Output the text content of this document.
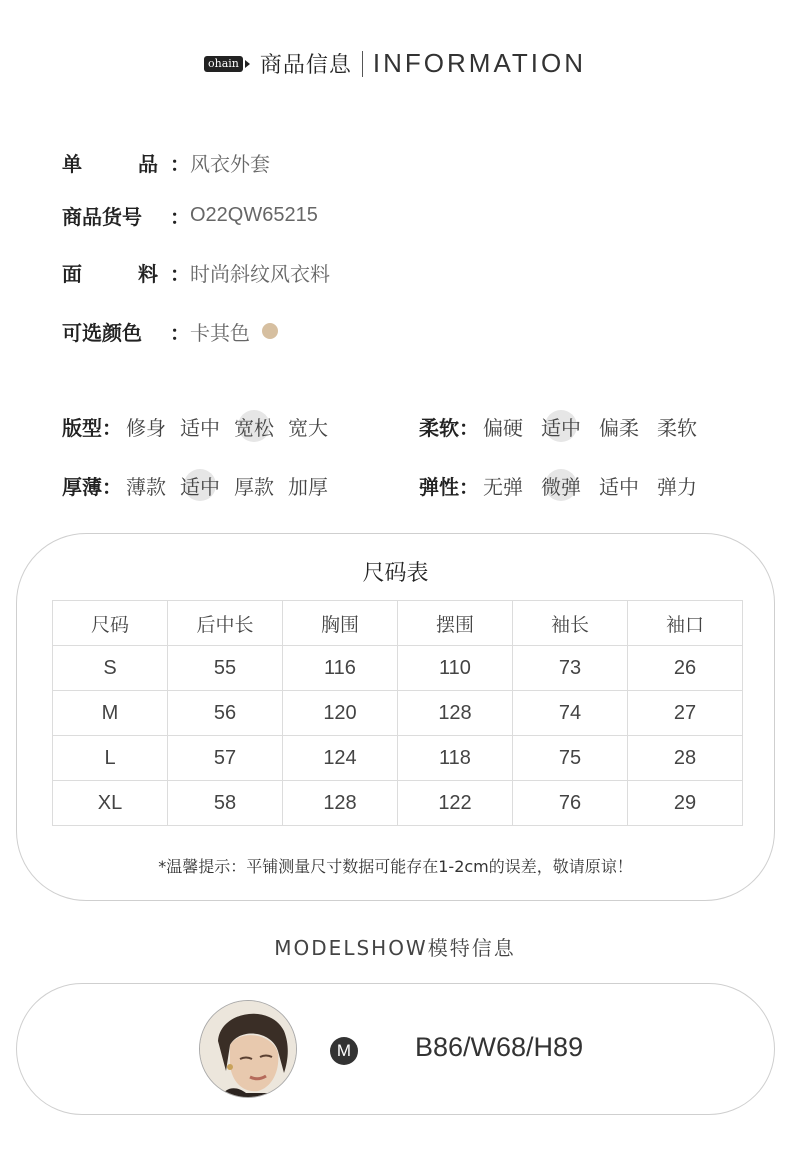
ohain 商品信息 INFORMATION
单	品 ： 风衣外套
商品货号	： O22QW65215
面	料 ： 时尚斜纹风衣料
可选颜色	： 卡其色
版型： 修身 适中 宽松 宽大	柔软： 偏硬 适中 偏柔 柔软
厚薄： 薄款 适中 厚款 加厚	弹性： 无弹 微弹 适中 弹力
尺码表
尺码	后中长	胸围	摆围	袖长	袖口
S	55	116	110	73	26
M	56	120	128	74	27
L	57	124	118	75	28
XL	58	128	122	76	29
*温馨提示：平铺测量尺寸数据可能存在1-2cm的误差，敬请原谅！
MODELSHOW模特信息
M B86/W68/H89
